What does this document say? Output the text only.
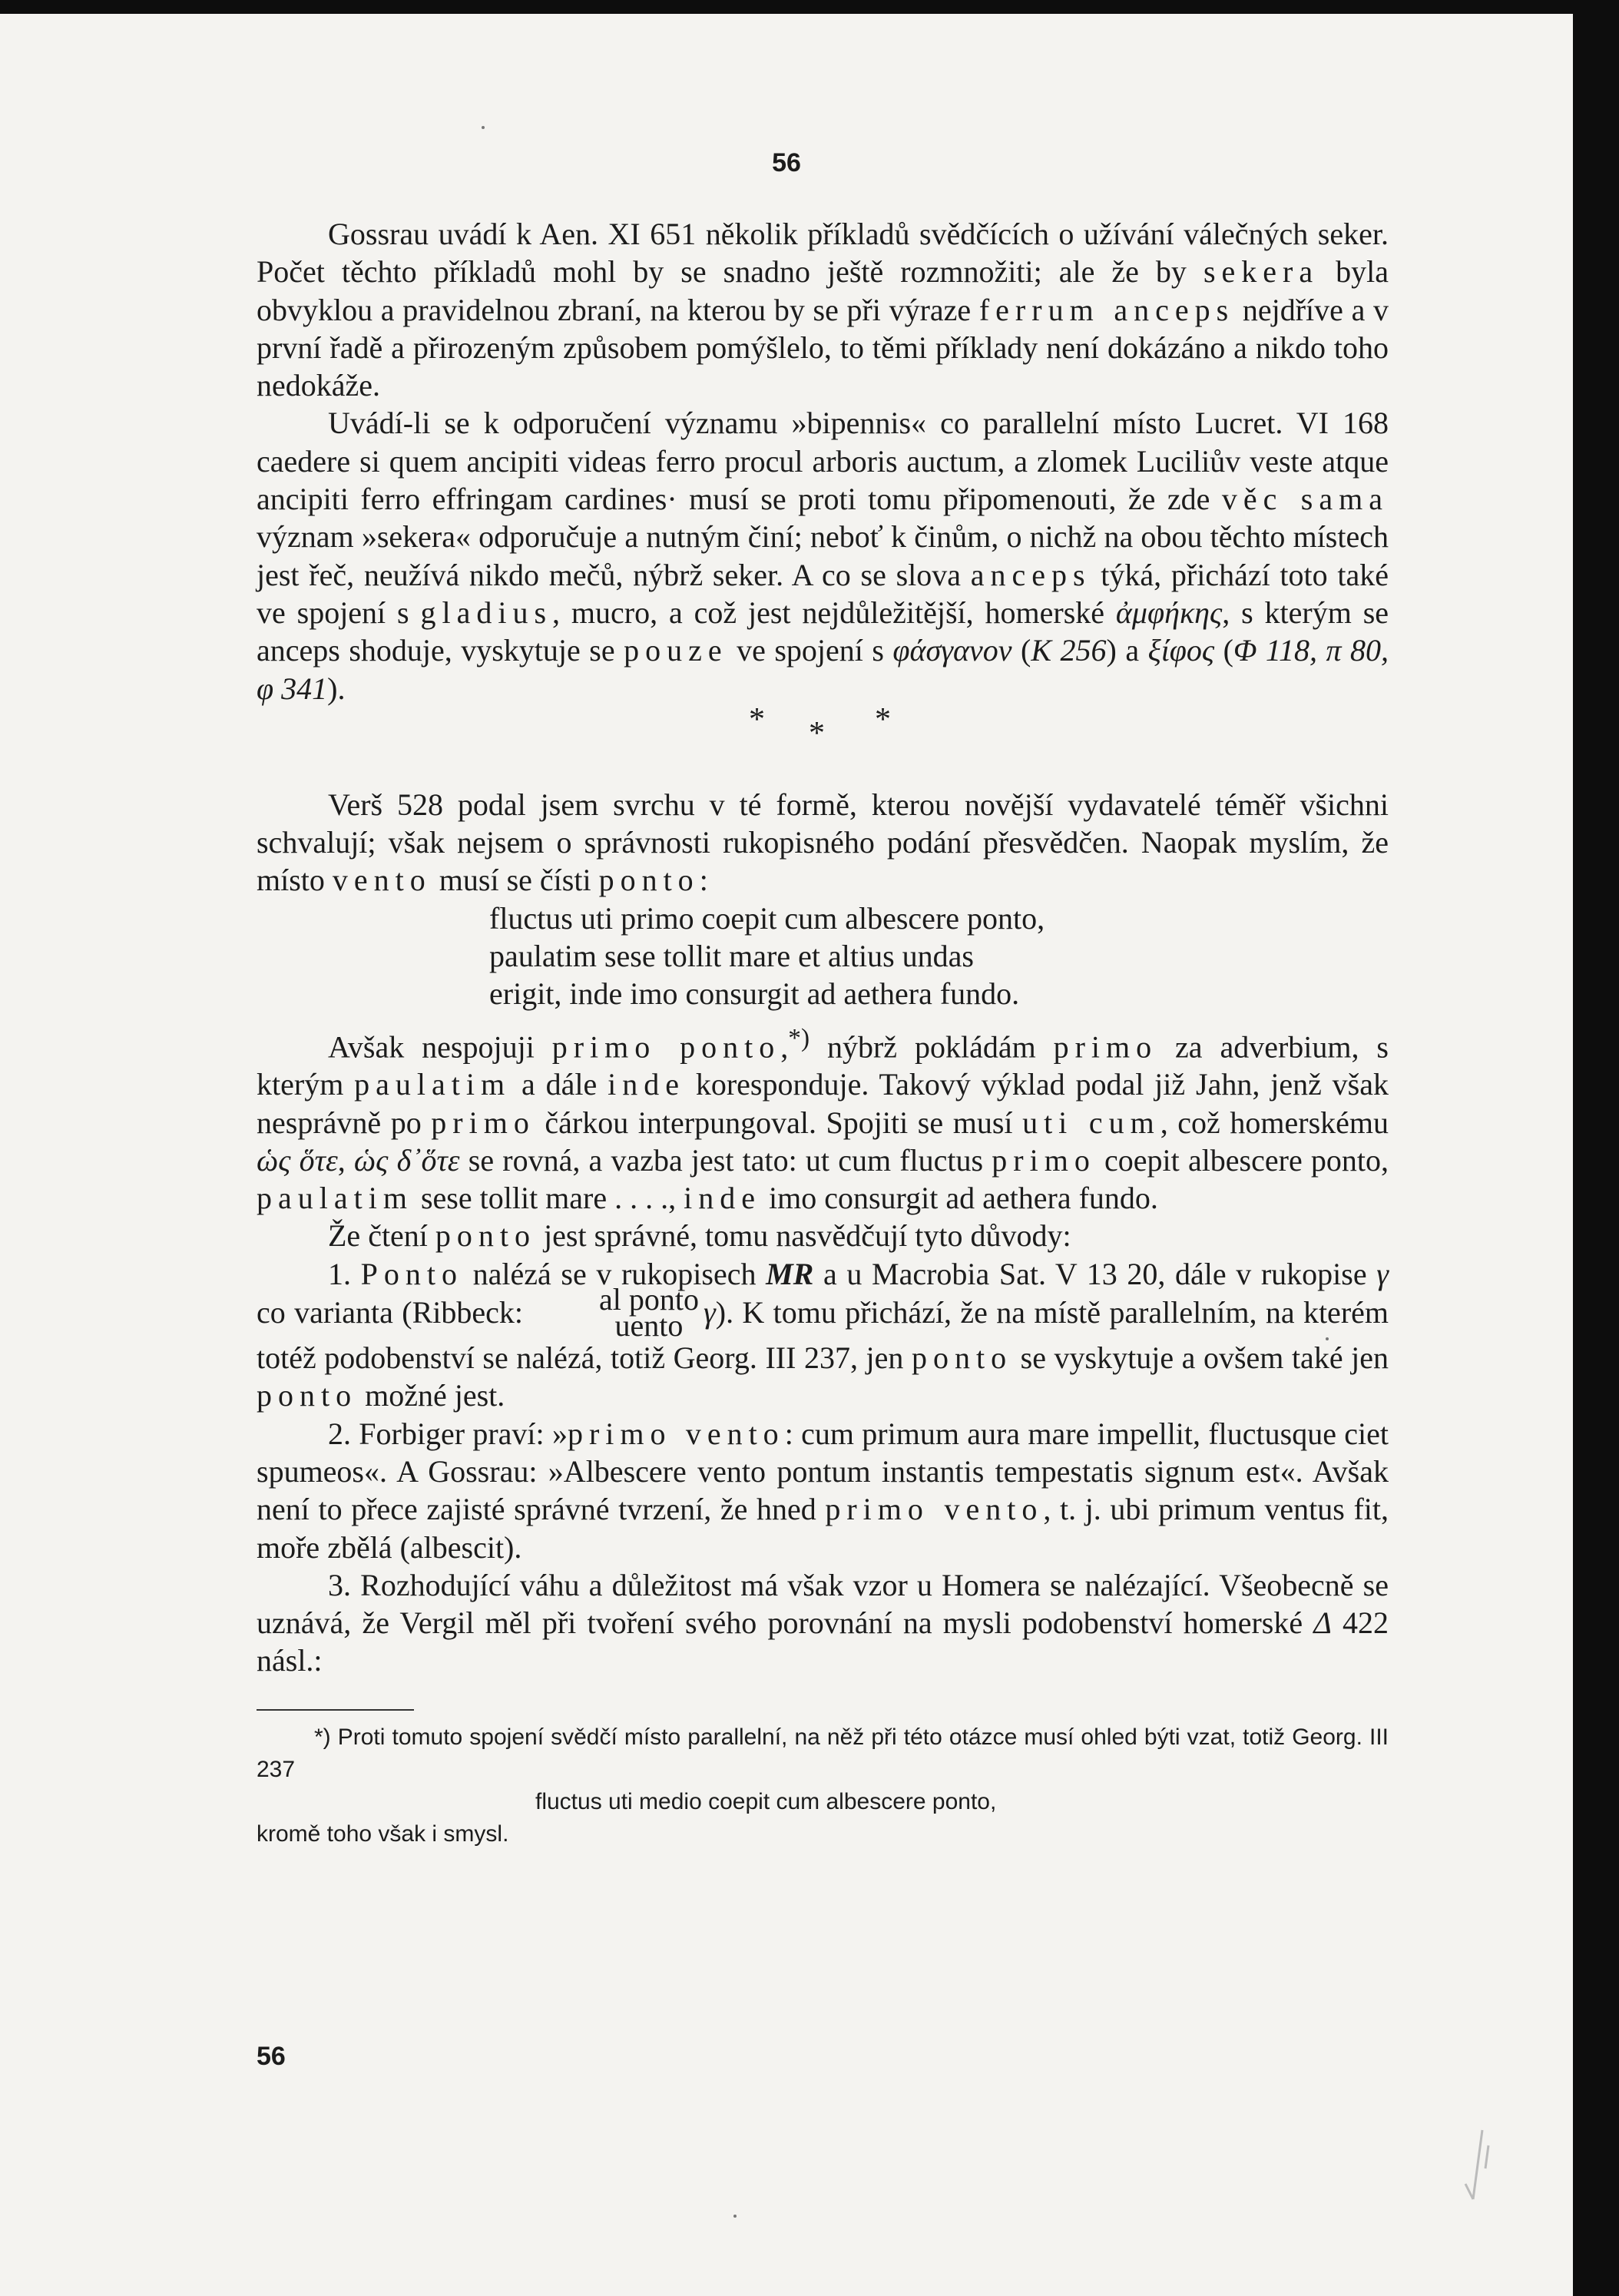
56

Gossrau uvádí k Aen. XI 651 několik příkladů svědčících o užívání válečných seker. Počet těchto příkladů mohl by se snadno ještě rozmnožiti; ale že by sekera byla obvyklou a pravidelnou zbraní, na kterou by se při výraze ferrum anceps nejdříve a v první řadě a přirozeným způsobem pomýšlelo, to těmi příklady není dokázáno a nikdo toho nedokáže.

Uvádí-li se k odporučení významu »bipennis« co parallelní místo Lucret. VI 168 caedere si quem ancipiti videas ferro procul arboris auctum, a zlomek Luciliův veste atque ancipiti ferro effringam cardines· musí se proti tomu připomenouti, že zde věc sama význam »sekera« odporučuje a nutným činí; neboť k činům, o nichž na obou těchto místech jest řeč, neužívá nikdo mečů, nýbrž seker. A co se slova anceps týká, přichází toto také ve spojení s gladius, mucro, a což jest nejdůležitější, homerské ἀμφήκης, s kterým se anceps shoduje, vyskytuje se pouze ve spojení s φάσγανον (K 256) a ξίφος (Φ 118, π 80, φ 341).

* * *

Verš 528 podal jsem svrchu v té formě, kterou novější vydavatelé téměř všichni schvalují; však nejsem o správnosti rukopisného podání přesvědčen. Naopak myslím, že místo vento musí se čísti ponto:

fluctus uti primo coepit cum albescere ponto,
paulatim sese tollit mare et altius undas
erigit, inde imo consurgit ad aethera fundo.

Avšak nespojuji primo ponto,*) nýbrž pokládám primo za adverbium, s kterým paulatim a dále inde koresponduje. Takový výklad podal již Jahn, jenž však nesprávně po primo čárkou interpungoval. Spojiti se musí uti cum, což homerskému ὡς ὅτε, ὡς δ᾽ὅτε se rovná, a vazba jest tato: ut cum fluctus primo coepit albescere ponto, paulatim sese tollit mare . . . ., inde imo consurgit ad aethera fundo.

Že čtení ponto jest správné, tomu nasvědčují tyto důvody:

1. Ponto nalézá se v rukopisech MR a u Macrobia Sat. V 13 20, dále v rukopise γ co varianta (Ribbeck:	al ponto
uento γ). K tomu přichází, že na místě parallelním, na kterém totéž podobenství se nalézá, totiž Georg. III 237, jen ponto se vyskytuje a ovšem také jen ponto možné jest.

2. Forbiger praví: »primo vento: cum primum aura mare impellit, fluctusque ciet spumeos«. A Gossrau: »Albescere vento pontum instantis tempestatis signum est«. Avšak není to přece zajisté správné tvrzení, že hned primo vento, t. j. ubi primum ventus fit, moře zbělá (albescit).

3. Rozhodující váhu a důležitost má však vzor u Homera se nalézající. Všeobecně se uznává, že Vergil měl při tvoření svého porovnání na mysli podobenství homerské Δ 422 násl.:

*) Proti tomuto spojení svědčí místo parallelní, na něž při této otázce musí ohled býti vzat, totiž Georg. III 237

fluctus uti medio coepit cum albescere ponto,

kromě toho však i smysl.

56
